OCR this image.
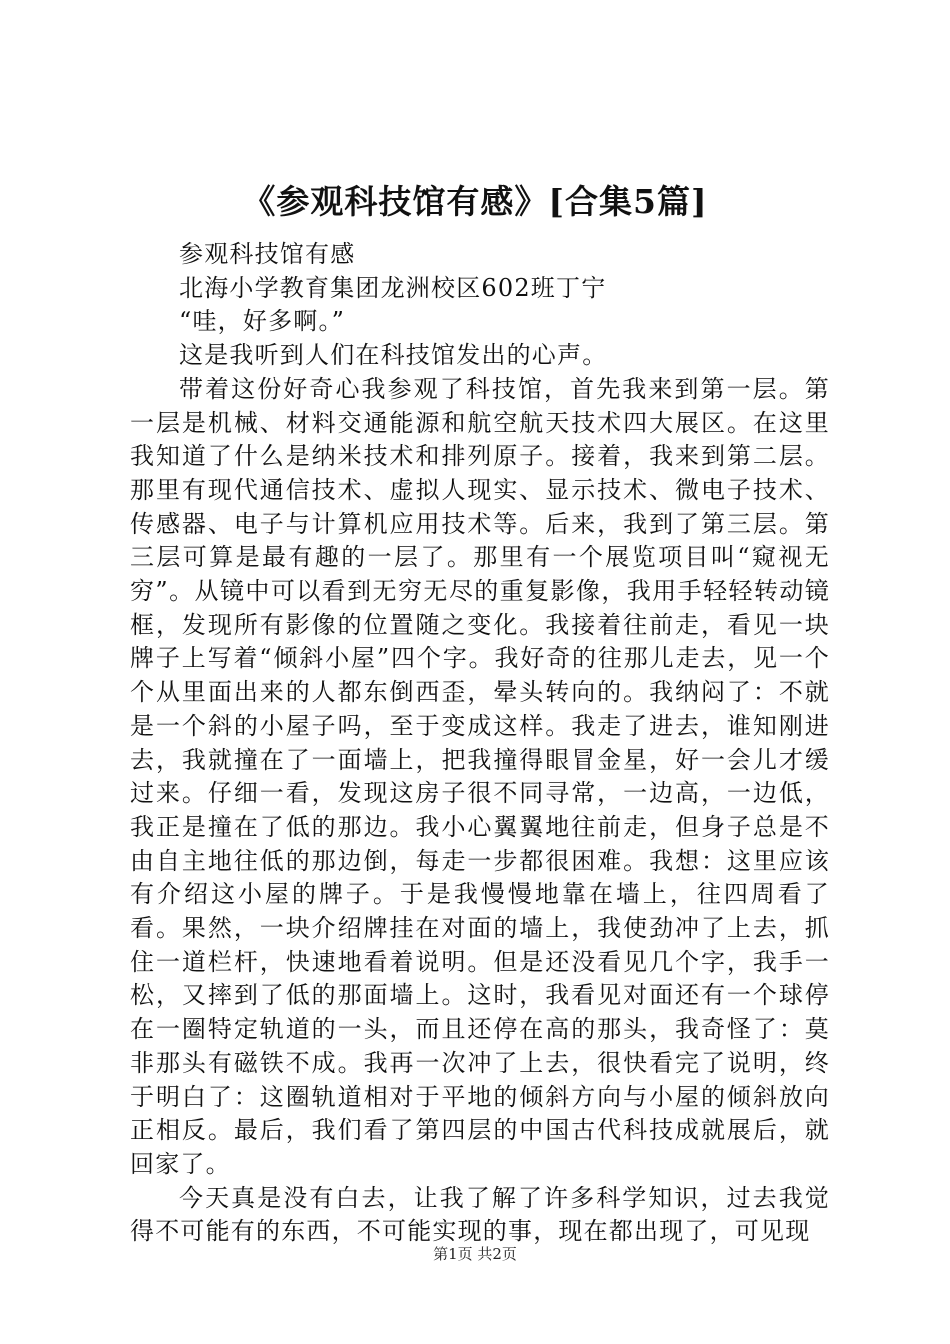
《参观科技馆有感》[合集5篇]

参观科技馆有感

北海小学教育集团龙洲校区602班丁宁

“哇，好多啊。”

这是我听到人们在科技馆发出的心声。

带着这份好奇心我参观了科技馆，首先我来到第一层。第一层是机械、材料交通能源和航空航天技术四大展区。在这里我知道了什么是纳米技术和排列原子。接着，我来到第二层。那里有现代通信技术、虚拟人现实、显示技术、微电子技术、传感器、电子与计算机应用技术等。后来，我到了第三层。第三层可算是最有趣的一层了。那里有一个展览项目叫“窥视无穷”。从镜中可以看到无穷无尽的重复影像，我用手轻轻转动镜框，发现所有影像的位置随之变化。我接着往前走，看见一块牌子上写着“倾斜小屋”四个字。我好奇的往那儿走去，见一个个从里面出来的人都东倒西歪，晕头转向的。我纳闷了：不就是一个斜的小屋子吗，至于变成这样。我走了进去，谁知刚进去，我就撞在了一面墙上，把我撞得眼冒金星，好一会儿才缓过来。仔细一看，发现这房子很不同寻常，一边高，一边低，我正是撞在了低的那边。我小心翼翼地往前走，但身子总是不由自主地往低的那边倒，每走一步都很困难。我想：这里应该有介绍这小屋的牌子。于是我慢慢地靠在墙上，往四周看了看。果然，一块介绍牌挂在对面的墙上，我使劲冲了上去，抓住一道栏杆，快速地看着说明。但是还没看见几个字，我手一松，又摔到了低的那面墙上。这时，我看见对面还有一个球停在一圈特定轨道的一头，而且还停在高的那头，我奇怪了：莫非那头有磁铁不成。我再一次冲了上去，很快看完了说明，终于明白了：这圈轨道相对于平地的倾斜方向与小屋的倾斜放向正相反。最后，我们看了第四层的中国古代科技成就展后，就回家了。

今天真是没有白去，让我了解了许多科学知识，过去我觉得不可能有的东西，不可能实现的事，现在都出现了，可见现

第1页 共2页
